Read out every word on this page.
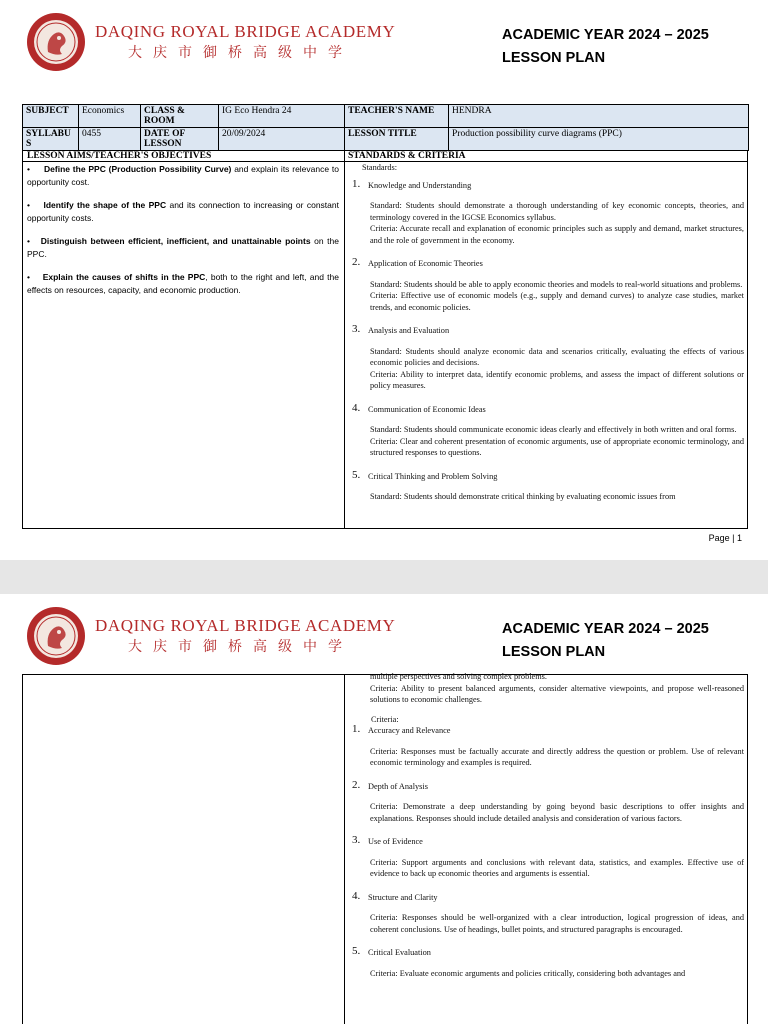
DAQING ROYAL BRIDGE ACADEMY
大庆市御桥高级中学
ACADEMIC YEAR 2024 – 2025
LESSON PLAN
SUBJECT	Economics	CLASS & ROOM	IG Eco Hendra 24	TEACHER'S NAME	HENDRA
SYLLABUS	0455	DATE OF LESSON	20/09/2024	LESSON TITLE	Production possibility curve diagrams (PPC)
LESSON AIMS/TEACHER'S OBJECTIVES	STANDARDS & CRITERIA

•     Define the PPC (Production Possibility Curve) and explain its relevance to opportunity cost.

•    Identify the shape of the PPC and its connection to increasing or constant opportunity costs.

•   Distinguish between efficient, inefficient, and unattainable points on the PPC.

•    Explain the causes of shifts in the PPC, both to the right and left, and the effects on resources, capacity, and economic production.

Standards:
1. Knowledge and Understanding
Standard: Students should demonstrate a thorough understanding of key economic concepts, theories, and terminology covered in the IGCSE Economics syllabus.
Criteria: Accurate recall and explanation of economic principles such as supply and demand, market structures, and the role of government in the economy.
2. Application of Economic Theories
Standard: Students should be able to apply economic theories and models to real-world situations and problems.
Criteria: Effective use of economic models (e.g., supply and demand curves) to analyze case studies, market trends, and economic policies.
3. Analysis and Evaluation
Standard: Students should analyze economic data and scenarios critically, evaluating the effects of various economic policies and decisions.
Criteria: Ability to interpret data, identify economic problems, and assess the impact of different solutions or policy measures.
4. Communication of Economic Ideas
Standard: Students should communicate economic ideas clearly and effectively in both written and oral forms.
Criteria: Clear and coherent presentation of economic arguments, use of appropriate economic terminology, and structured responses to questions.
5. Critical Thinking and Problem Solving
Standard: Students should demonstrate critical thinking by evaluating economic issues from
Page | 1
DAQING ROYAL BRIDGE ACADEMY
大庆市御桥高级中学
ACADEMIC YEAR 2024 – 2025
LESSON PLAN
multiple perspectives and solving complex problems.
Criteria: Ability to present balanced arguments, consider alternative viewpoints, and propose well-reasoned solutions to economic challenges.
Criteria:
1. Accuracy and Relevance
Criteria: Responses must be factually accurate and directly address the question or problem. Use of relevant economic terminology and examples is required.
2. Depth of Analysis
Criteria: Demonstrate a deep understanding by going beyond basic descriptions to offer insights and explanations. Responses should include detailed analysis and consideration of various factors.
3. Use of Evidence
Criteria: Support arguments and conclusions with relevant data, statistics, and examples. Effective use of evidence to back up economic theories and arguments is essential.
4. Structure and Clarity
Criteria: Responses should be well-organized with a clear introduction, logical progression of ideas, and coherent conclusions. Use of headings, bullet points, and structured paragraphs is encouraged.
5. Critical Evaluation
Criteria: Evaluate economic arguments and policies critically, considering both advantages and
